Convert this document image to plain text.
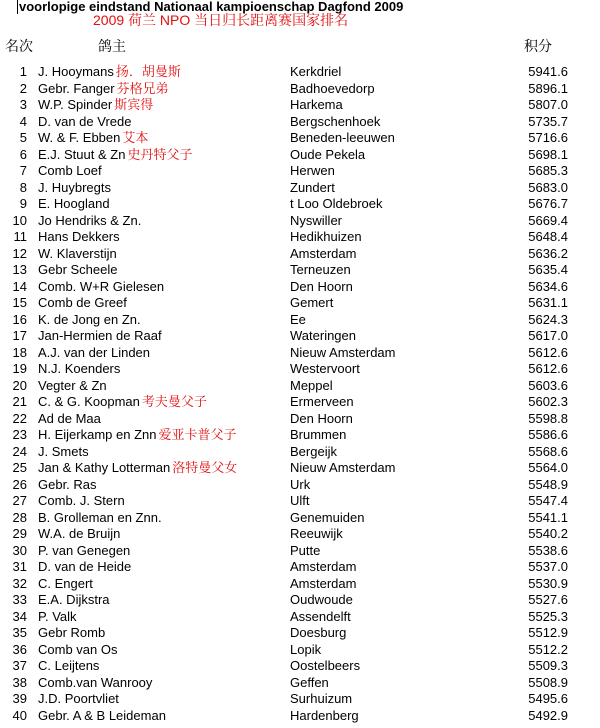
voorlopige eindstand Nationaal kampioenschap Dagfond 2009
2009 荷兰 NPO 当日归长距离赛国家排名
名次	鸽主	积分
1 J. Hooymans 扬．胡曼斯	Kerkdriel	5941.6
2 Gebr. Fanger 芬格兄弟	Badhoevedorp	5896.1
3 W.P. Spinder 斯宾得	Harkema	5807.0
4 D. van de Vrede	Bergschenhoek	5735.7
5 W. & F. Ebben 艾本	Beneden-leeuwen	5716.6
6 E.J. Stuut & Zn 史丹特父子	Oude Pekela	5698.1
7 Comb Loef	Herwen	5685.3
8 J. Huybregts	Zundert	5683.0
9 E. Hoogland	t Loo Oldebroek	5676.7
10 Jo Hendriks & Zn.	Nyswiller	5669.4
11 Hans Dekkers	Hedikhuizen	5648.4
12 W. Klaverstijn	Amsterdam	5636.2
13 Gebr Scheele	Terneuzen	5635.4
14 Comb. W+R Gielesen	Den Hoorn	5634.6
15 Comb de Greef	Gemert	5631.1
16 K. de Jong en Zn.	Ee	5624.3
17 Jan-Hermien de Raaf	Wateringen	5617.0
18 A.J. van der Linden	Nieuw Amsterdam	5612.6
19 N.J. Koenders	Westervoort	5612.6
20 Vegter & Zn	Meppel	5603.6
21 C. & G. Koopman 考夫曼父子	Ermerveen	5602.3
22 Ad de Maa	Den Hoorn	5598.8
23 H. Eijerkamp en Znn 爱亚卡普父子	Brummen	5586.6
24 J. Smets	Bergeijk	5568.6
25 Jan & Kathy Lotterman 洛特曼父女	Nieuw Amsterdam	5564.0
26 Gebr. Ras	Urk	5548.9
27 Comb. J. Stern	Ulft	5547.4
28 B. Grolleman en Znn.	Genemuiden	5541.1
29 W.A. de Bruijn	Reeuwijk	5540.2
30 P. van Genegen	Putte	5538.6
31 D. van de Heide	Amsterdam	5537.0
32 C. Engert	Amsterdam	5530.9
33 E.A. Dijkstra	Oudwoude	5527.6
34 P. Valk	Assendelft	5525.3
35 Gebr Romb	Doesburg	5512.9
36 Comb van Os	Lopik	5512.2
37 C. Leijtens	Oostelbeers	5509.3
38 Comb.van Wanrooy	Geffen	5508.9
39 J.D. Poortvliet	Surhuizum	5495.6
40 Gebr. A & B Leideman	Hardenberg	5492.9
